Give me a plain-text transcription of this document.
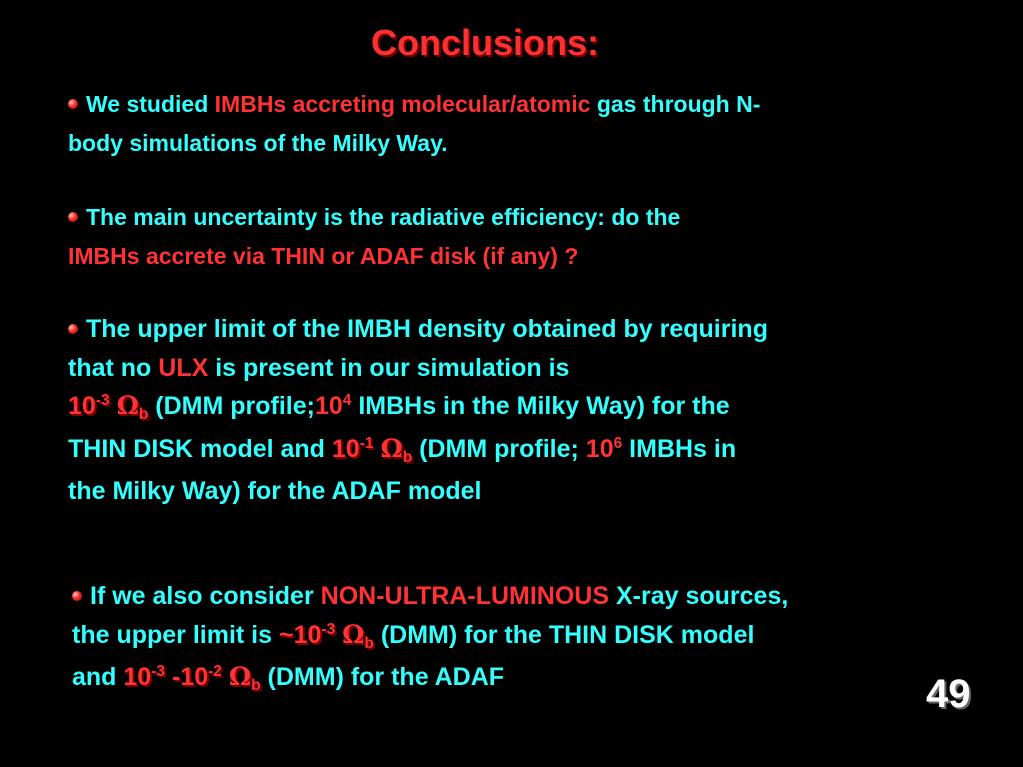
Conclusions:
We studied IMBHs accreting molecular/atomic gas through N-
body simulations of the Milky Way.
The main uncertainty is the radiative efficiency: do the
IMBHs accrete via THIN or ADAF disk (if any) ?
The upper limit of the IMBH density obtained by requiring
that no ULX is present in our simulation is
$10^{-3}$ $\Omega_b$ (DMM $profile;10^4$ IMBHs in the Milky Way) for the
THIN DISK model and $10^{-1}$ $\Omega_b$ (DMM profile; $10^6$ IMBHs in
the Milky Way) for the ADAF model
If we also consider NON-ULTRA-LUMINOUS X-ray sources,
the upper limit is $\sim 10^{-3}$ $\Omega_b$ (DMM) for the THIN DISK model
and $10^{-3}$ $-10^{-2}$ $\Omega_b$ (DMM) for the ADAF	49
